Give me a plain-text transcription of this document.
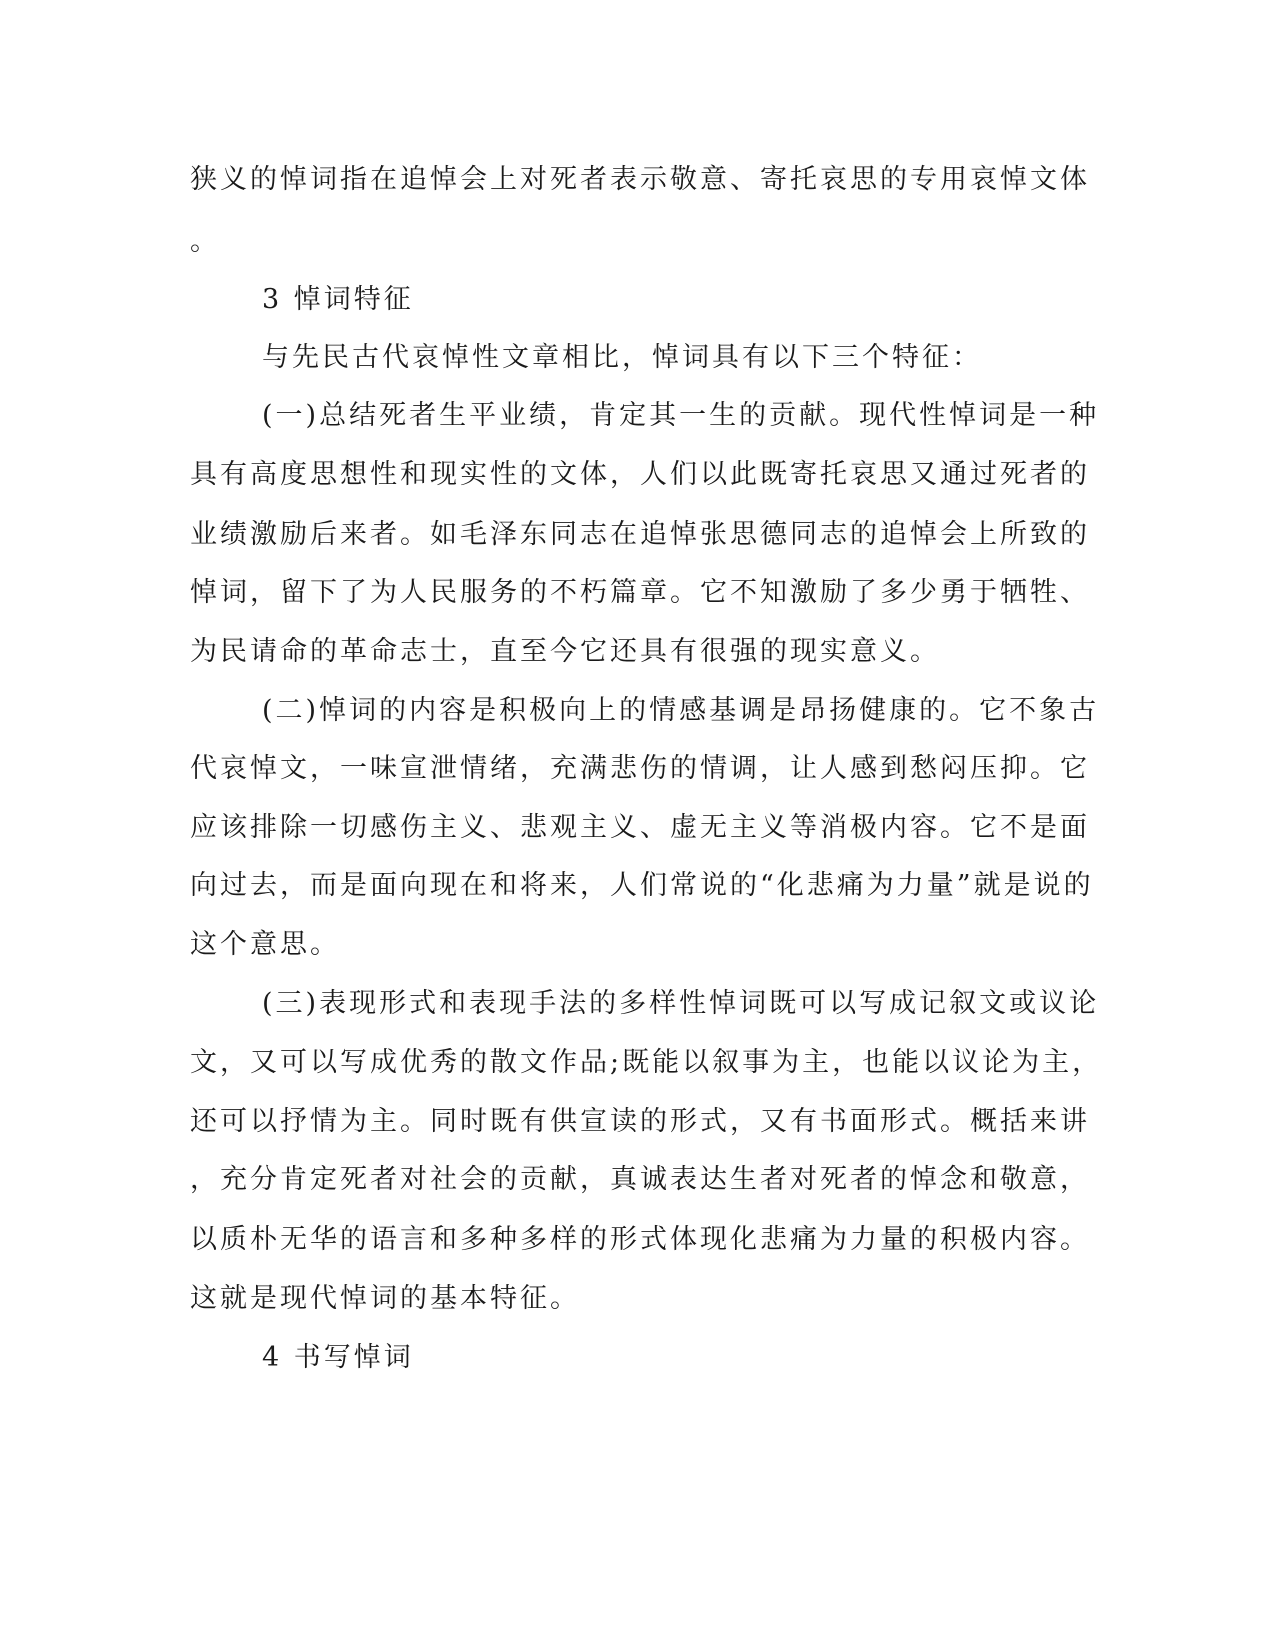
狭义的悼词指在追悼会上对死者表示敬意、寄托哀思的专用哀悼文体
。
3 悼词特征
与先民古代哀悼性文章相比，悼词具有以下三个特征：
(一)总结死者生平业绩，肯定其一生的贡献。现代性悼词是一种
具有高度思想性和现实性的文体，人们以此既寄托哀思又通过死者的
业绩激励后来者。如毛泽东同志在追悼张思德同志的追悼会上所致的
悼词，留下了为人民服务的不朽篇章。它不知激励了多少勇于牺牲、
为民请命的革命志士，直至今它还具有很强的现实意义。
(二)悼词的内容是积极向上的情感基调是昂扬健康的。它不象古
代哀悼文，一味宣泄情绪，充满悲伤的情调，让人感到愁闷压抑。它
应该排除一切感伤主义、悲观主义、虚无主义等消极内容。它不是面
向过去，而是面向现在和将来，人们常说的“化悲痛为力量”就是说的
这个意思。
(三)表现形式和表现手法的多样性悼词既可以写成记叙文或议论
文，又可以写成优秀的散文作品;既能以叙事为主，也能以议论为主，
还可以抒情为主。同时既有供宣读的形式，又有书面形式。概括来讲
，充分肯定死者对社会的贡献，真诚表达生者对死者的悼念和敬意，
以质朴无华的语言和多种多样的形式体现化悲痛为力量的积极内容。
这就是现代悼词的基本特征。
4 书写悼词
